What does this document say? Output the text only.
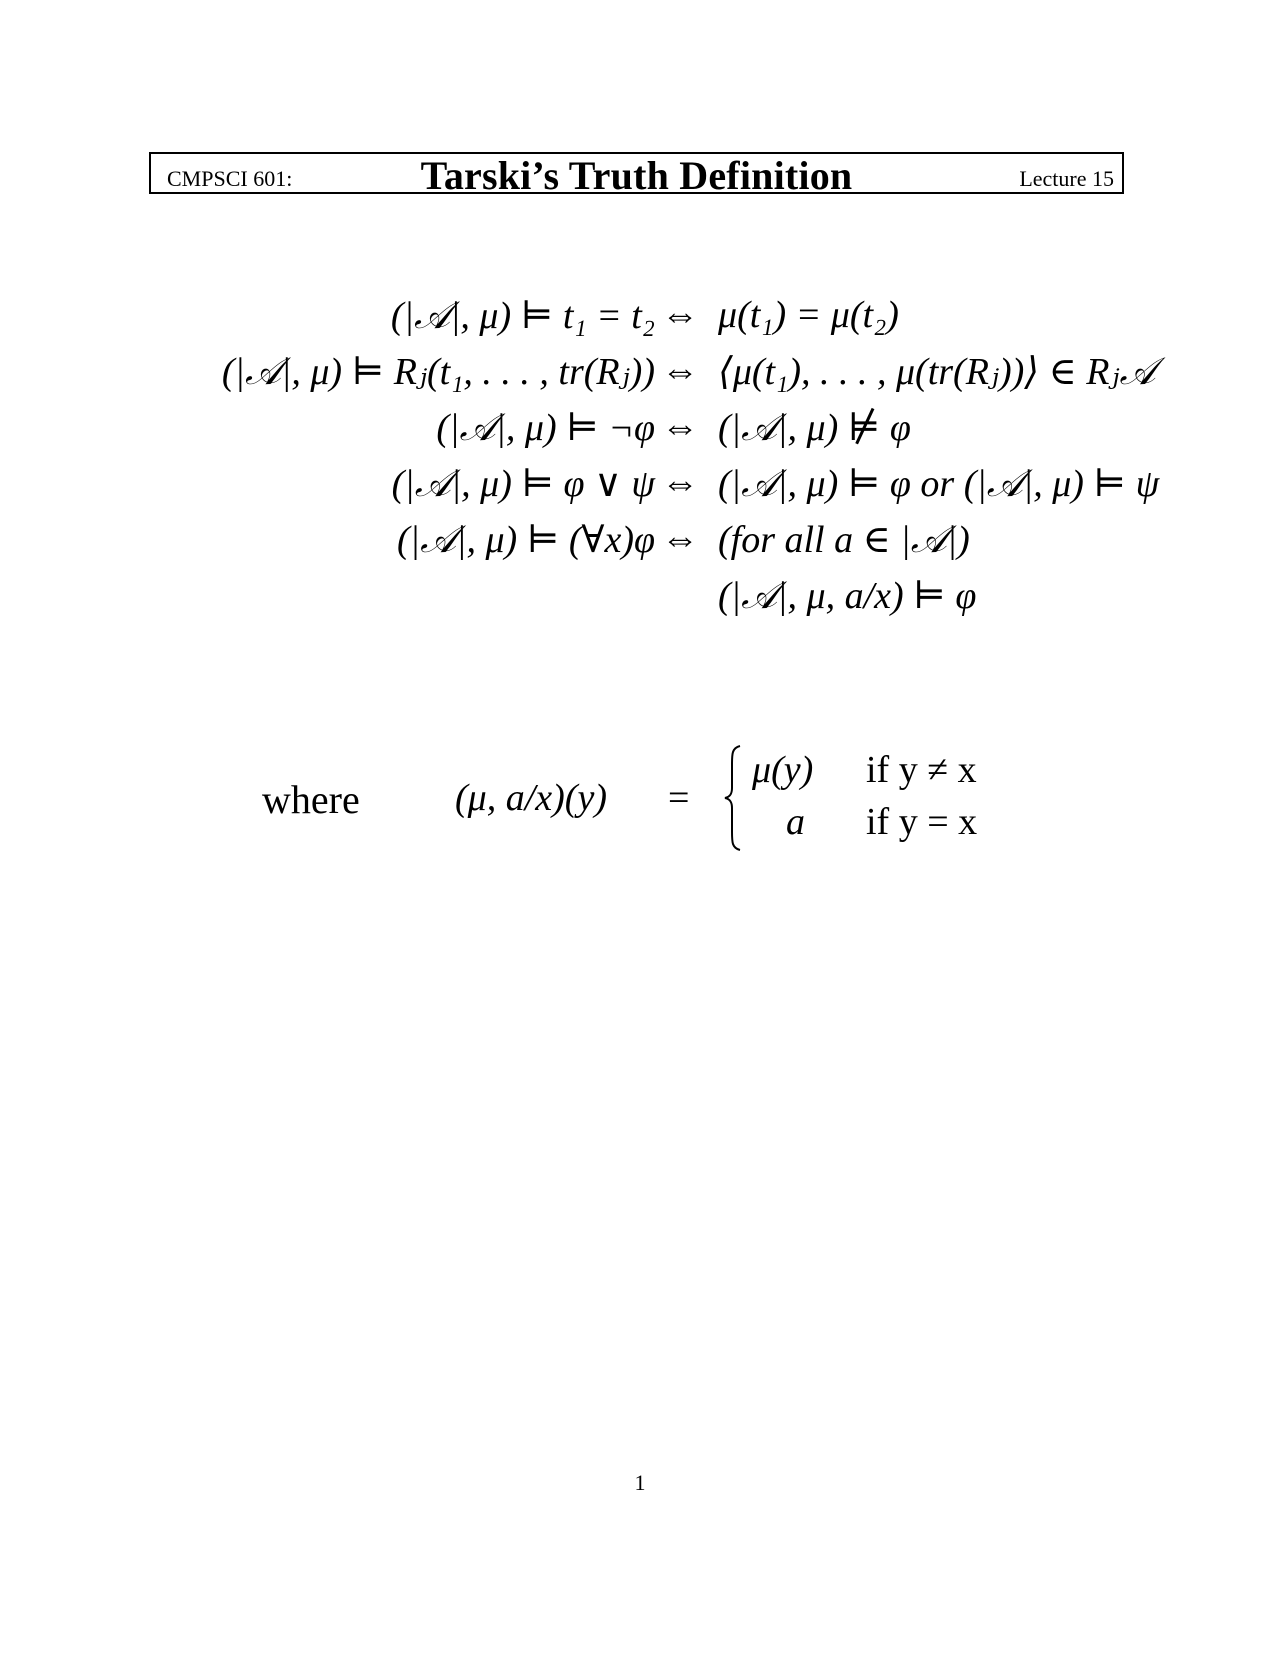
CMPSCI 601:	Tarski’s Truth Definition	Lecture 15
(|𝒜|, μ) ⊨ t₁ = t₂ ⇔ μ(t₁) = μ(t₂)
(|𝒜|, μ) ⊨ Rⱼ(t₁, . . . , tr(Rⱼ)) ⇔ ⟨μ(t₁), . . . , μ(tr(Rⱼ))⟩ ∈ Rⱼ𝒜
(|𝒜|, μ) ⊨ ¬φ ⇔ (|𝒜|, μ) ⊭ φ
(|𝒜|, μ) ⊨ φ ∨ ψ ⇔ (|𝒜|, μ) ⊨ φ or (|𝒜|, μ) ⊨ ψ
(|𝒜|, μ) ⊨ (∀x)φ ⇔ (for all a ∈ |𝒜|)
(|𝒜|, μ, a/x) ⊨ φ
where	(μ, a/x)(y) =
μ(y) if y ≠ x
a if y = x
1
